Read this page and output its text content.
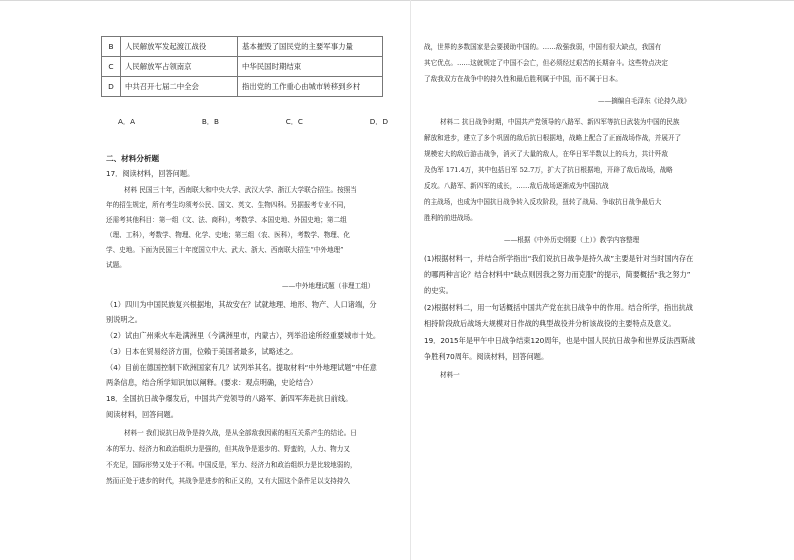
B	人民解放军发起渡江战役	基本摧毁了国民党的主要军事力量
C	人民解放军占领南京	中华民国时期结束
D	中共召开七届二中全会	指出党的工作重心由城市转移到乡村
A．A	B．B	C．C	D．D
二、材料分析题
17．阅读材料，回答问题。
材料 民国三十年，西南联大和中央大学、武汉大学、浙江大学联合招生。按照当
年的招生规定，所有考生均须考公民、国文、英文、生物四科。另据报考专业不同，
还需考其他科目：第一组（文、法、商科），考数学、本国史地、外国史地；第二组
（理、工科），考数学、物理、化学、史地；第三组（农、医科），考数学、物理、化
学、史地。下面为民国三十年度国立中大、武大、浙大、西南联大招生“中外地理”
试题。
——中外地理试题（非理工组）
（1）四川为中国民族复兴根据地，其故安在？试就地理、地形、物产、人口诸端，分
别说明之。
（2）试由广州乘火车赴满洲里（今满洲里市，内蒙古），列举沿途所经重要城市十处。
（3）日本在贸易经济方面，位賴于美国者最多，试略述之。
（4）目前在德国控制下欧洲国家有几？试列举其名。提取材料“中外地理试题”中任意
两条信息，结合所学知识加以阐释。(要求：观点明确，史论结合）
18．全国抗日战争爆发后，中国共产党领导的八路军、新四军奔赴抗日前线。
阅读材料，回答问题。
材料一 我们说抗日战争是持久战，是从全部敌我因素的相互关系产生的结论。日
本的军力、经济力和政治组织力是强的，但其战争是退步的、野蛮的，人力、物力又
不充足，国际形势又处于不利。中国反是，军力、经济力和政治组织力是比较地弱的，
然而正处于进步的时代，其战争是进步的和正义的，又有大国这个条件足以支持持久
战，世界的多数国家是会要援助中国的。……敌强我弱，中国有很大缺点，我国有
其它优点。……这就规定了中国不会亡，但必须经过艰苦的长期奋斗。这些特点决定
了敌我双方在战争中的持久性和最后胜利属于中国，而不属于日本。
——摘编自毛泽东《论持久战》
材料二 抗日战争时期，中国共产党领导的八路军、新四军等抗日武装为中国的民族
解放和进步，建立了多个巩固的敌后抗日根据地，战略上配合了正面战场作战，并展开了
规模宏大的敌后游击战争，消灭了大量的敌人，在华日军半数以上的兵力，共计歼敌
及伪军 171.4万，其中包括日军 52.7万，扩大了抗日根据地，开辟了敌后战场，战略
反攻。八路军、新四军的成长，……敌后战场逐渐成为中国抗战
的主战场，也成为中国抗日战争转入反攻阶段，扭转了战局、争取抗日战争最后大
胜利的前进战场。
——根据《中外历史纲要（上）》教学内容整理
(1)根据材料一，并结合所学指出“我们说抗日战争是持久战”主要是针对当时国内存在
的哪两种言论？结合材料中“缺点则因我之努力而克服”的提示，简要概括“我之努力”
的史实。
(2)根据材料二，用一句话概括中国共产党在抗日战争中的作用。结合所学，指出抗战
相持阶段敌后战场大规模对日作战的典型战役并分析该战役的主要特点及意义。
19．2015年是甲午中日战争结束120周年，也是中国人民抗日战争和世界反法西斯战
争胜利70周年。阅读材料，回答问题。
材料一
